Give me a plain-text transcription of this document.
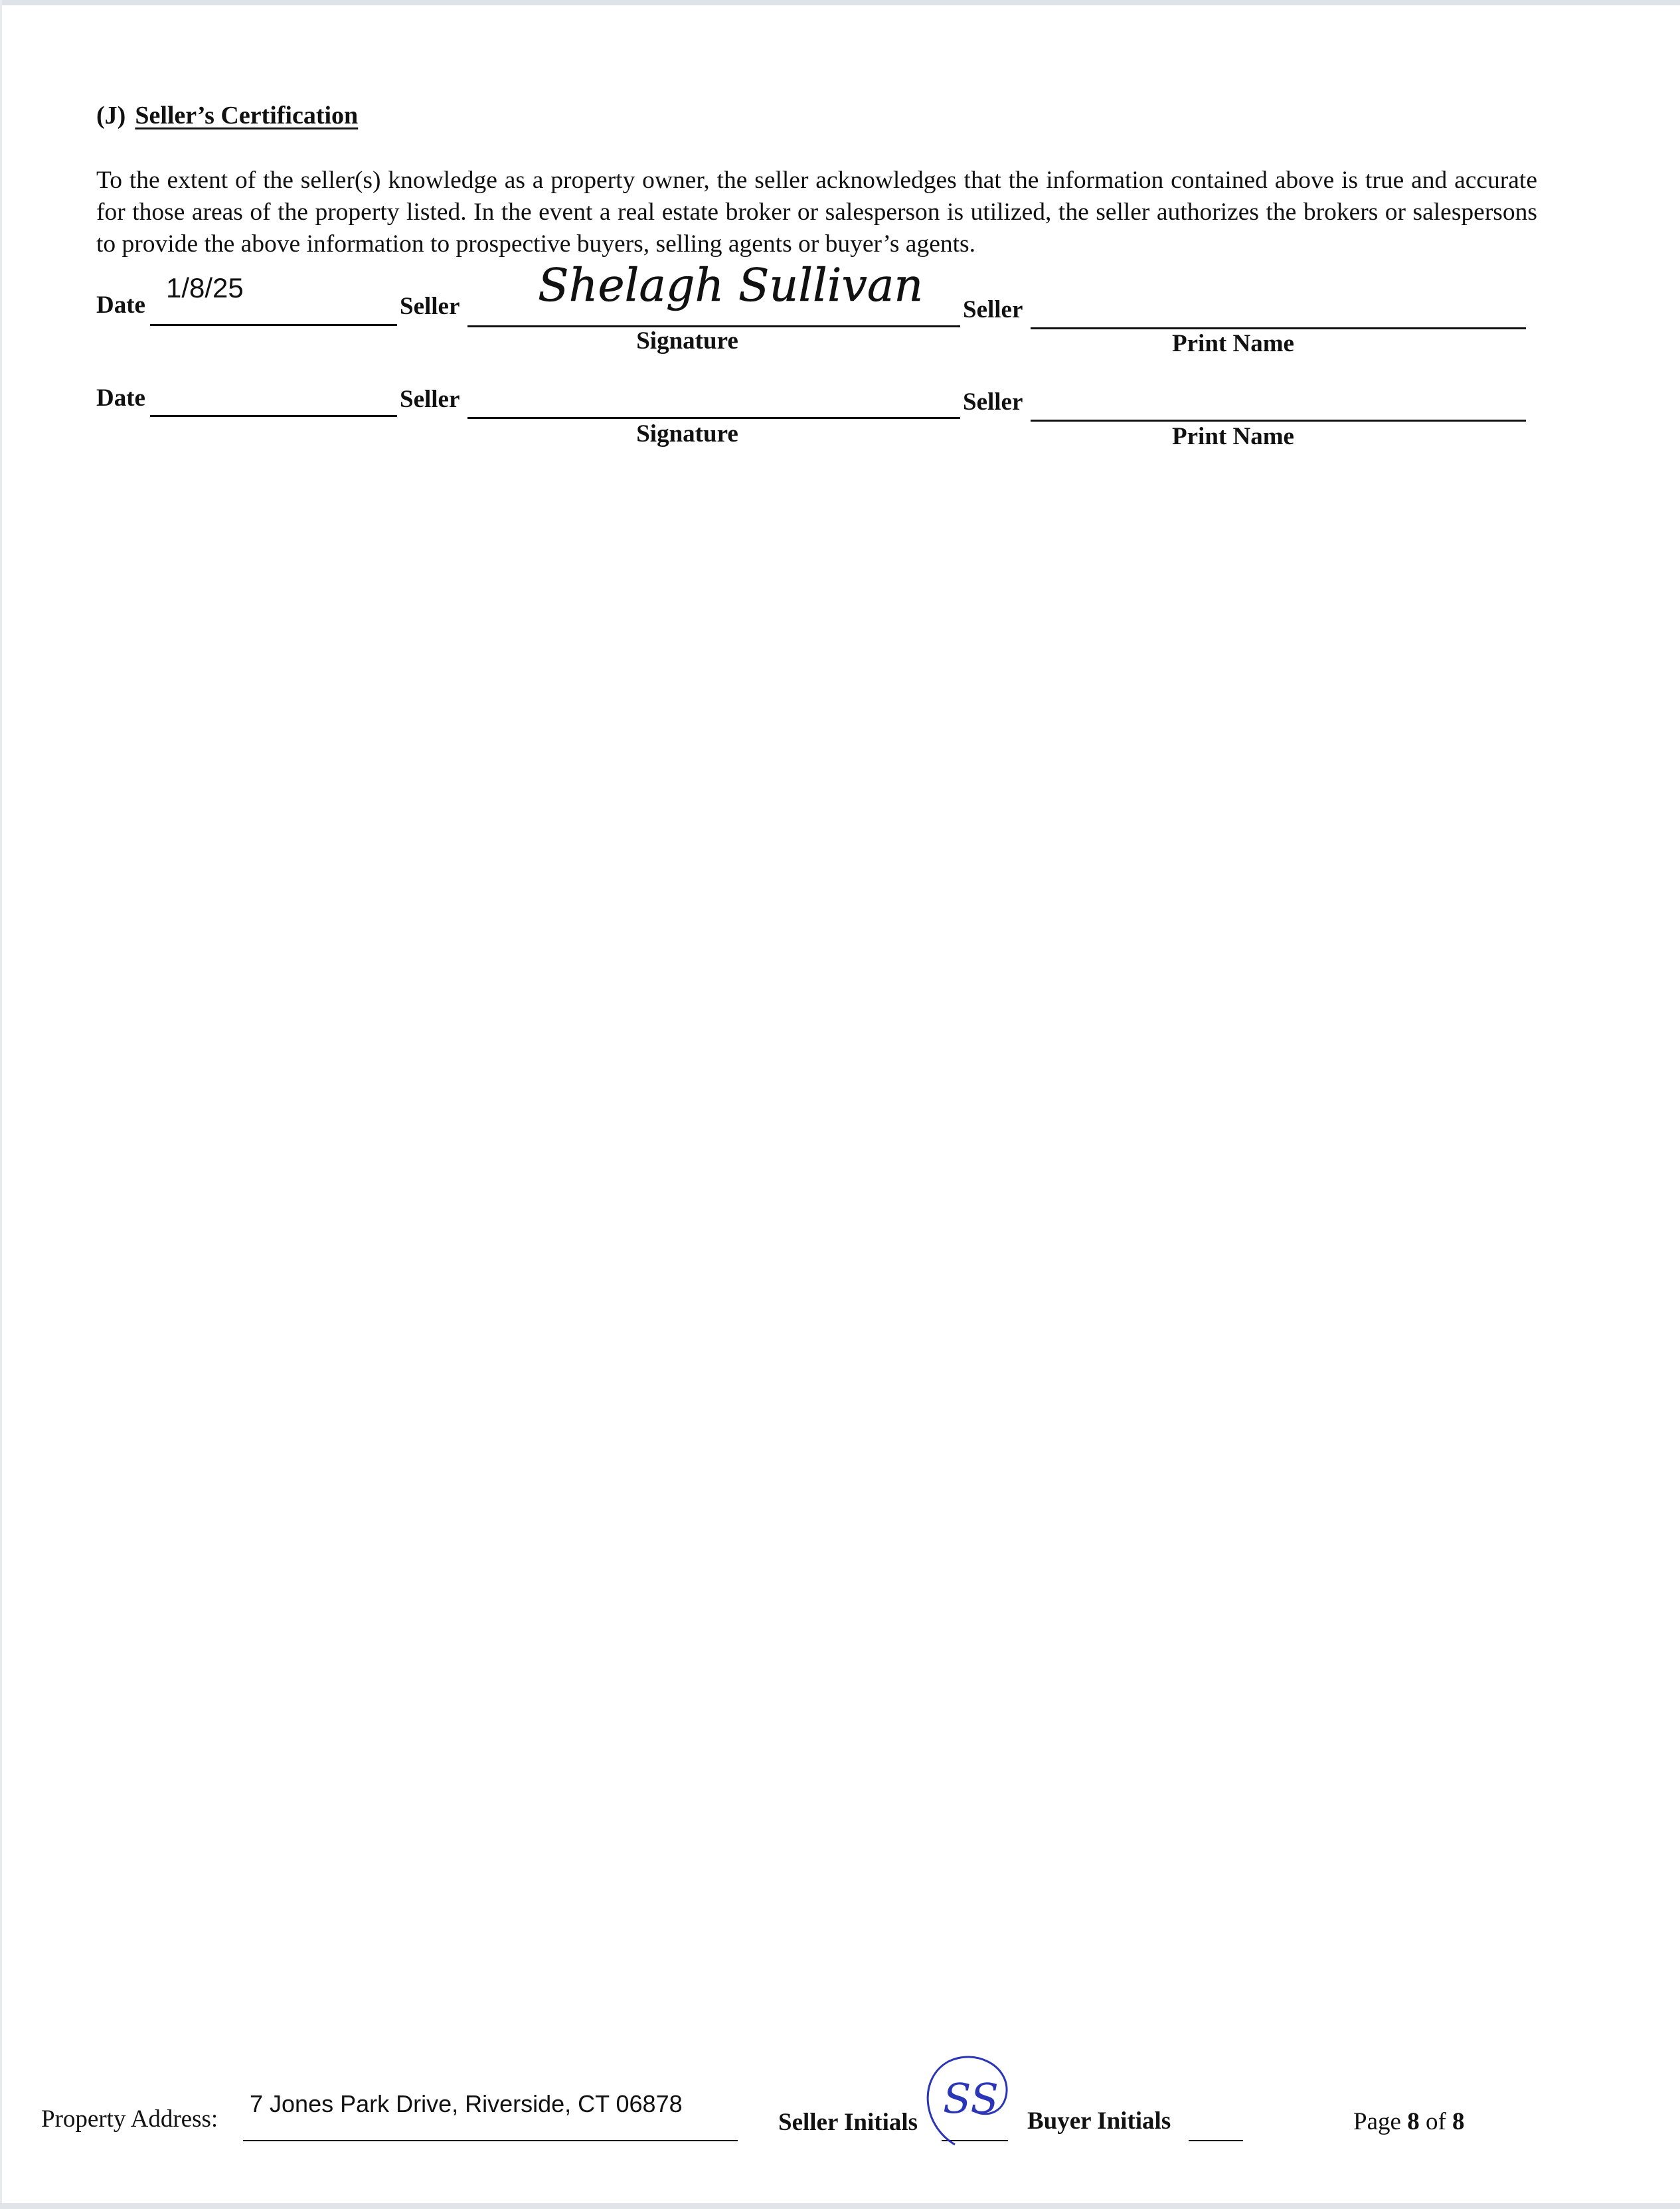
(J) Seller’s Certification
To the extent of the seller(s) knowledge as a property owner, the seller acknowledges that the information contained above is true and accurate for those areas of the property listed. In the event a real estate broker or salesperson is utilized, the seller authorizes the brokers or salespersons to provide the above information to prospective buyers, selling agents or buyer’s agents.
Date
1/8/25
Seller Shelagh Sullivan
Signature
Seller
Print Name
Date	Seller
Signature
Seller
Print Name
Property Address:
7 Jones Park Drive, Riverside, CT 06878
Seller Initials SS Buyer Initials	Page 8 of 8
